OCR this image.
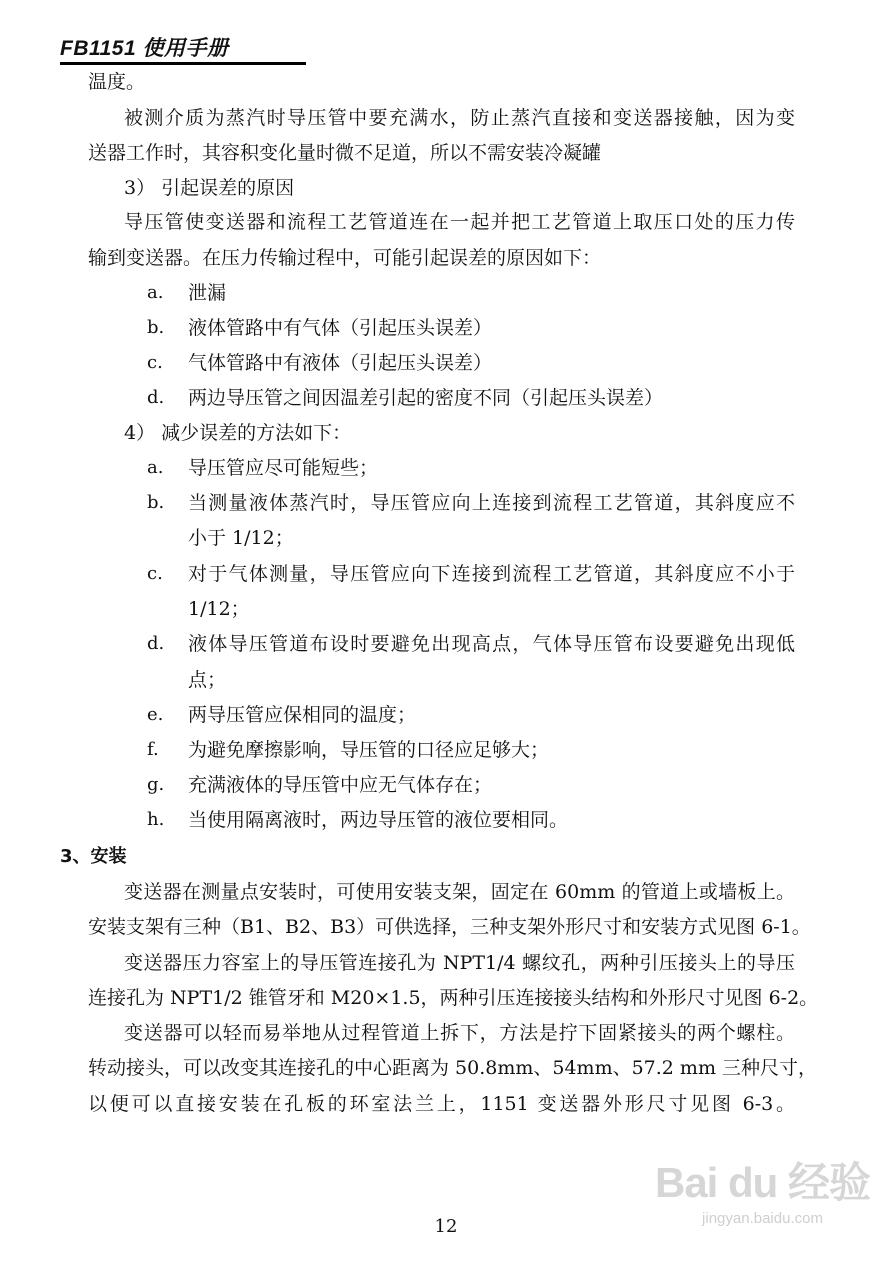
FB1151 使用手册
温度。
被测介质为蒸汽时导压管中要充满水，防止蒸汽直接和变送器接触，因为变
送器工作时，其容积变化量时微不足道，所以不需安装冷凝罐
3） 引起误差的原因
导压管使变送器和流程工艺管道连在一起并把工艺管道上取压口处的压力传
输到变送器。在压力传输过程中，可能引起误差的原因如下：
a. 泄漏
b. 液体管路中有气体（引起压头误差）
c. 气体管路中有液体（引起压头误差）
d. 两边导压管之间因温差引起的密度不同（引起压头误差）
4） 减少误差的方法如下：
a. 导压管应尽可能短些；
b. 当测量液体蒸汽时，导压管应向上连接到流程工艺管道，其斜度应不
小于 1/12；
c. 对于气体测量，导压管应向下连接到流程工艺管道，其斜度应不小于
1/12；
d. 液体导压管道布设时要避免出现高点，气体导压管布设要避免出现低
点；
e. 两导压管应保相同的温度；
f. 为避免摩擦影响，导压管的口径应足够大；
g. 充满液体的导压管中应无气体存在；
h. 当使用隔离液时，两边导压管的液位要相同。
3、安装
变送器在测量点安装时，可使用安装支架，固定在 60mm 的管道上或墙板上。
安装支架有三种（B1、B2、B3）可供选择，三种支架外形尺寸和安装方式见图 6-1。
变送器压力容室上的导压管连接孔为 NPT1/4 螺纹孔，两种引压接头上的导压
连接孔为 NPT1/2 锥管牙和 M20×1.5，两种引压连接接头结构和外形尺寸见图 6-2。
变送器可以轻而易举地从过程管道上拆下，方法是拧下固紧接头的两个螺柱。
转动接头，可以改变其连接孔的中心距离为 50.8mm、54mm、57.2 mm 三种尺寸，
以便可以直接安装在孔板的环室法兰上，1151 变送器外形尺寸见图 6-3。
12
Bai du 经验
jingyan.baidu.com
